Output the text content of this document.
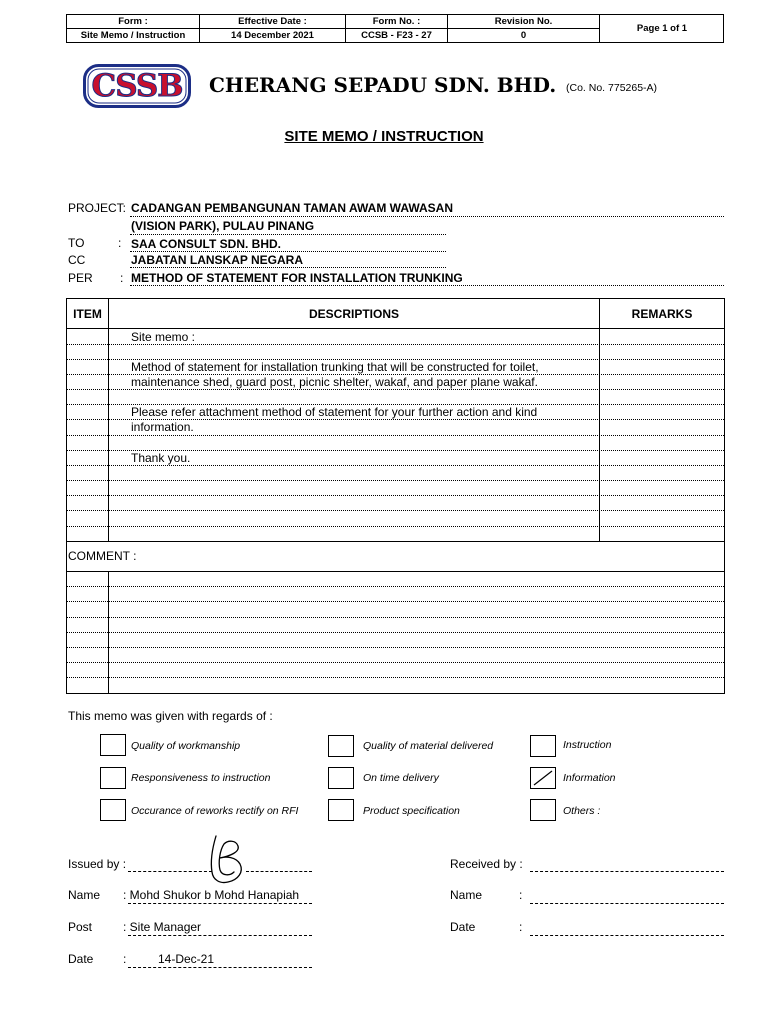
Form :
Site Memo / Instruction
Effective Date :
14 December 2021
Form No. :
CCSB - F23 - 27
Revision No.
0
Page 1 of 1
CSSB	CHERANG SEPADU SDN. BHD. (Co. No. 775265-A)
SITE MEMO / INSTRUCTION
PROJECT: CADANGAN PEMBANGUNAN TAMAN AWAM WAWASAN
(VISION PARK), PULAU PINANG
TO	: SAA CONSULT SDN. BHD.
CC	JABATAN LANSKAP NEGARA
PER : METHOD OF STATEMENT FOR INSTALLATION TRUNKING
ITEM	DESCRIPTIONS	REMARKS
Site memo :
Method of statement for installation trunking that will be constructed for toilet,
maintenance shed, guard post, picnic shelter, wakaf, and paper plane wakaf.
Please refer attachment method of statement for your further action and kind
information.
Thank you.
COMMENT :
This memo was given with regards of :
Quality of workmanship	Quality of material delivered	Instruction
Responsiveness to instruction	On time delivery	Information
Occurance of reworks rectify on RFI	Product specification	Others :
Issued by :
Name : Mohd Shukor b Mohd Hanapiah
Post	: Site Manager
Date :	14-Dec-21
Received by :
Name	:
Date	:
